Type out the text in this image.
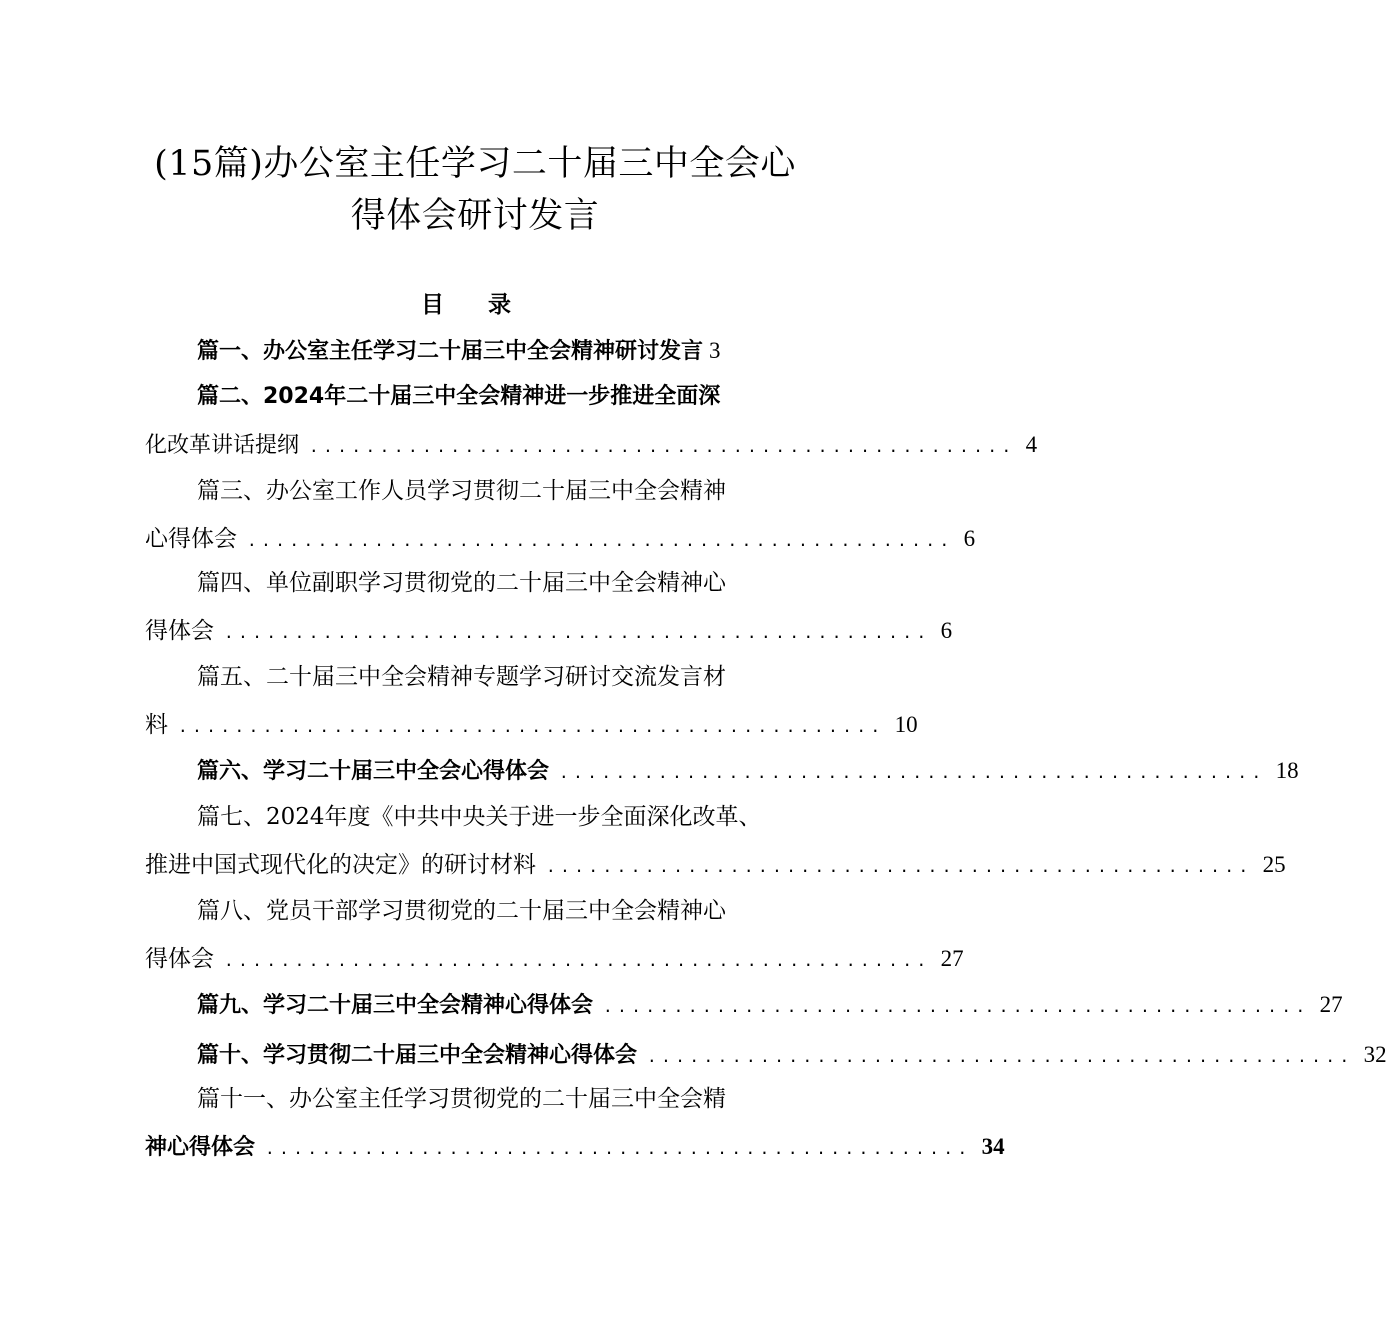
(15篇)办公室主任学习二十届三中全会心
得体会研讨发言
目 录
篇一、办公室主任学习二十届三中全会精神研讨发言 3
篇二、2024年二十届三中全会精神进一步推进全面深
化改革讲话提纲 .................................................. 4
篇三、办公室工作人员学习贯彻二十届三中全会精神
心得体会 .................................................. 6
篇四、单位副职学习贯彻党的二十届三中全会精神心
得体会 .................................................. 6
篇五、二十届三中全会精神专题学习研讨交流发言材
料 .................................................. 10
篇六、学习二十届三中全会心得体会 .................................................. 18
篇七、2024年度《中共中央关于进一步全面深化改革、
推进中国式现代化的决定》的研讨材料 .................................................. 25
篇八、党员干部学习贯彻党的二十届三中全会精神心
得体会 .................................................. 27
篇九、学习二十届三中全会精神心得体会 .................................................. 27
篇十、学习贯彻二十届三中全会精神心得体会 .................................................. 32
篇十一、办公室主任学习贯彻党的二十届三中全会精
神心得体会 .................................................. 34
